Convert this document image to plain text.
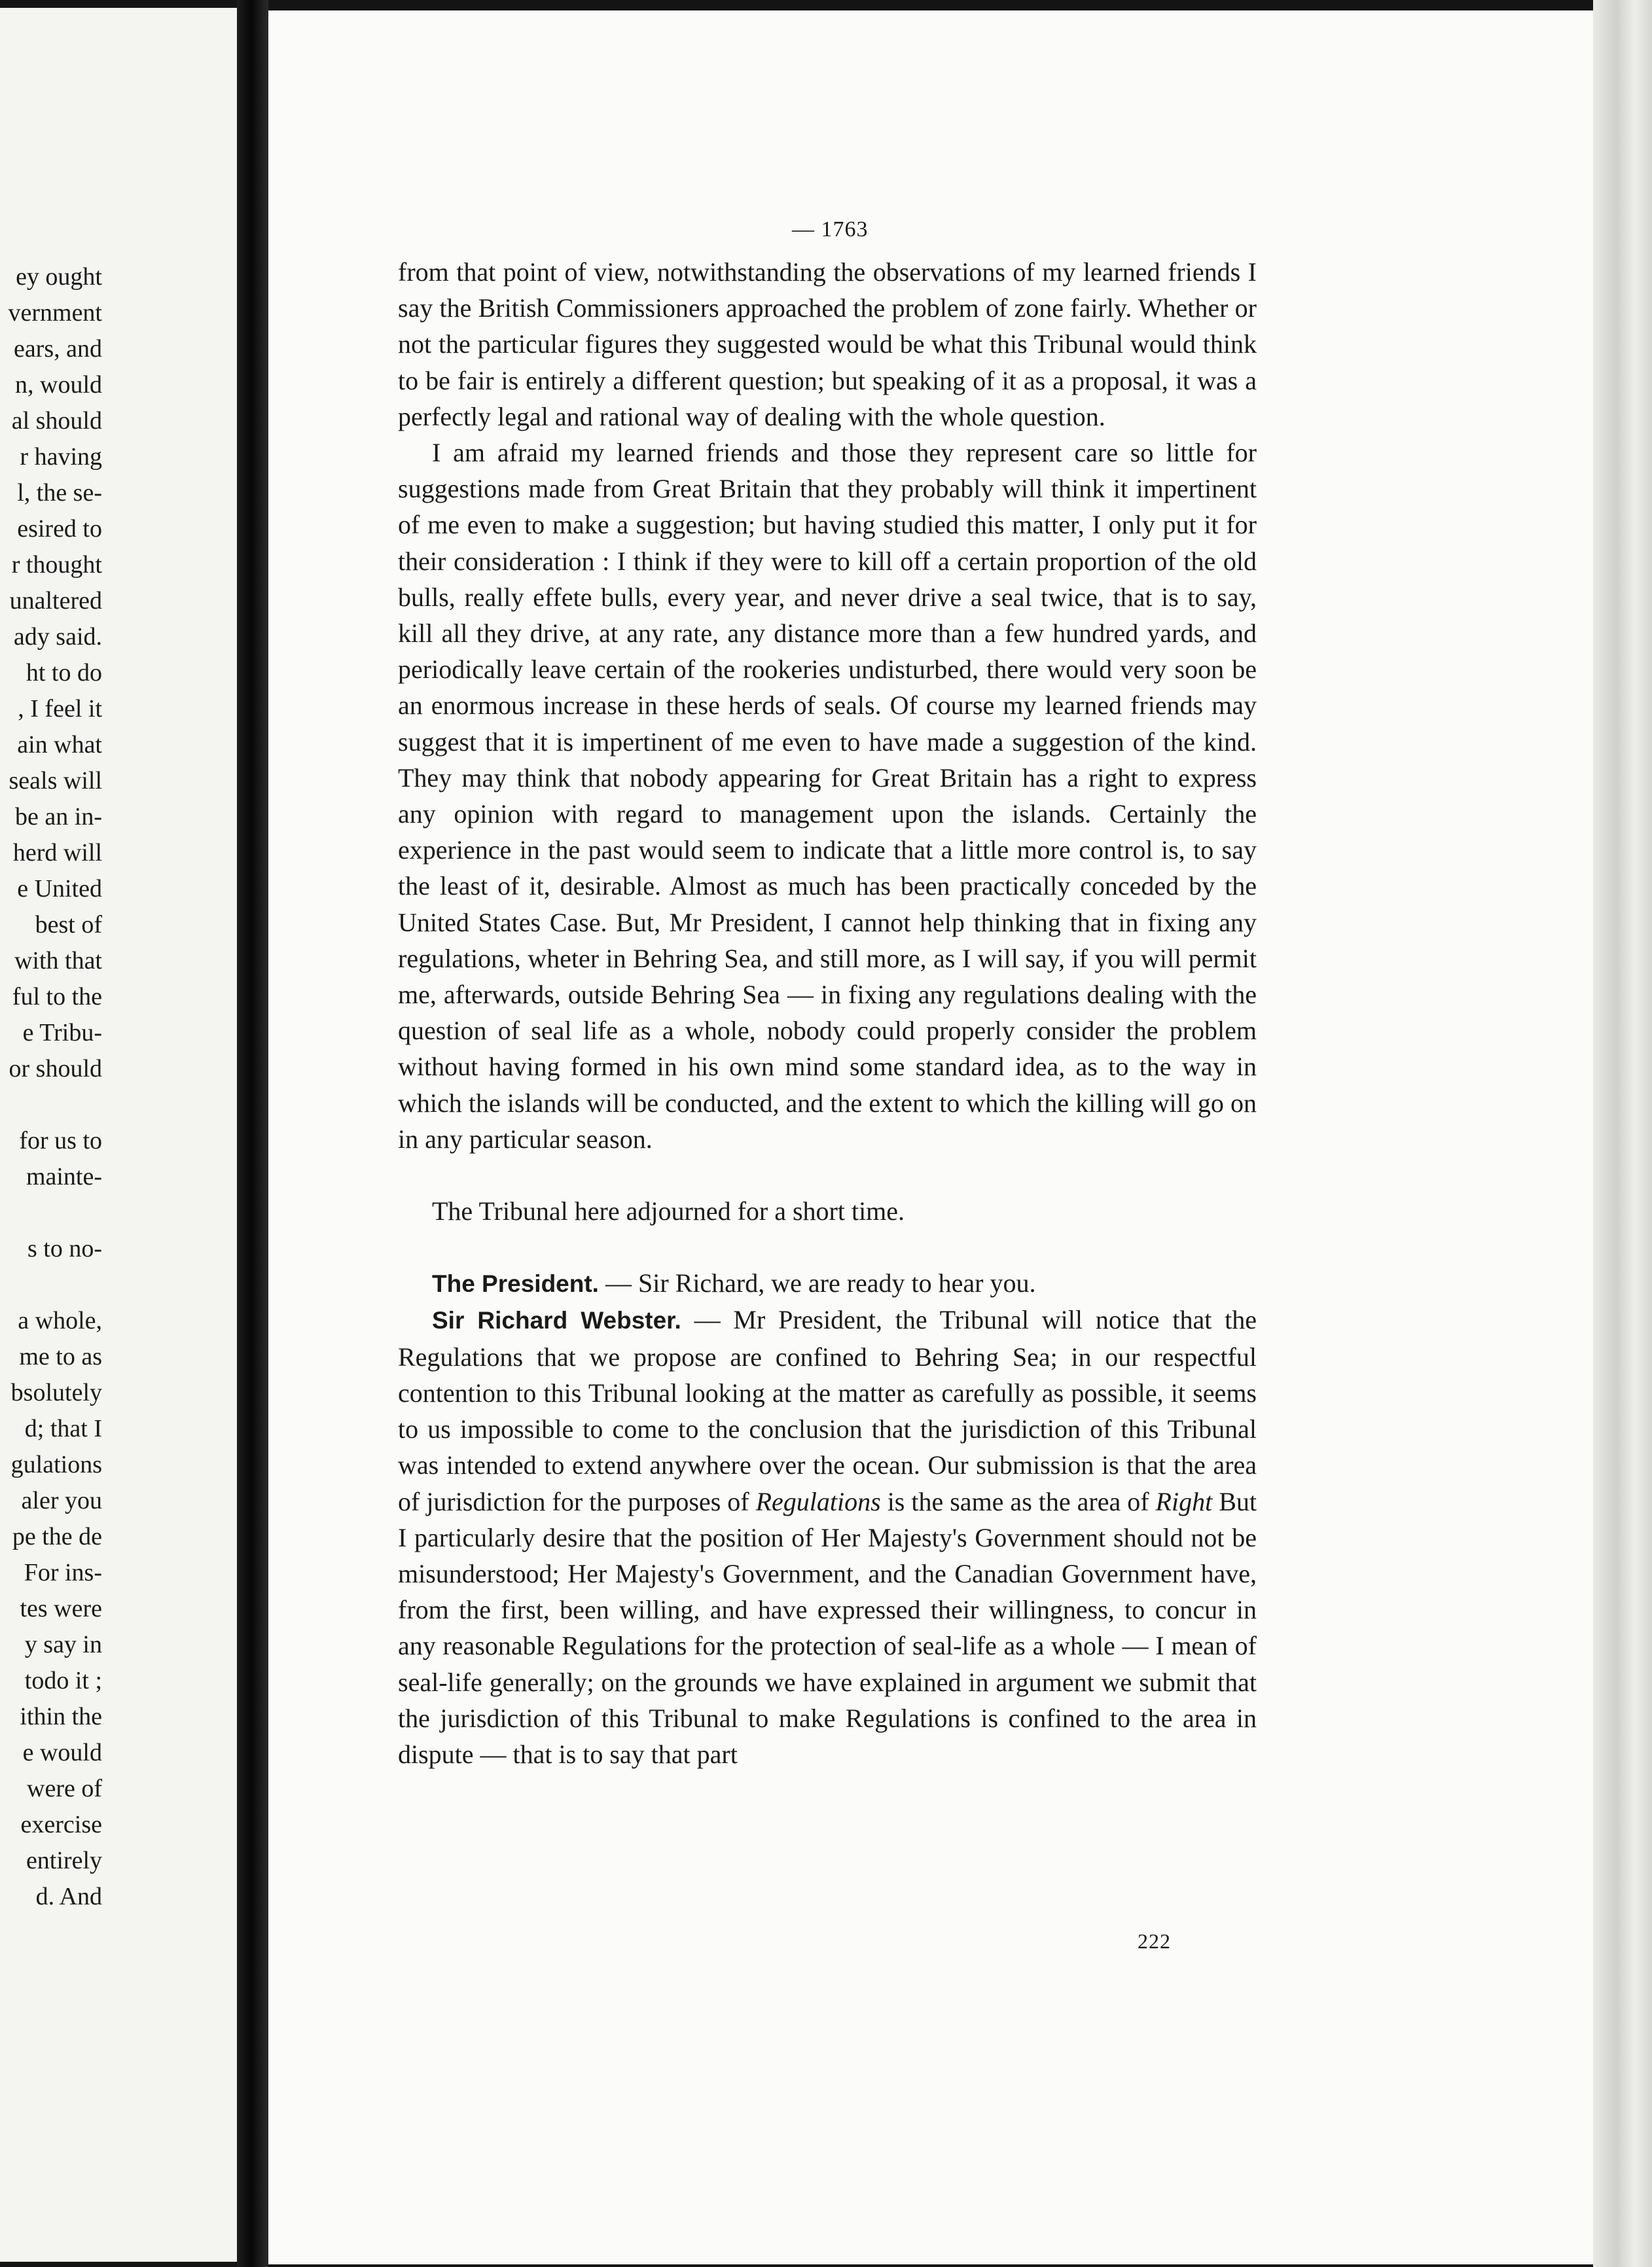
ey ought
vernment
ears, and
n, would
al should
r having
l, the se-
esired to
r thought
unaltered
ady said.
ht to do
, I feel it
ain what
seals will
be an in-
herd will
e United
best of
with that
ful to the
e Tribu-
or should
for us to
mainte-
s to no-
a whole,
me to as
bsolutely
d; that I
gulations
aler you
pe the de
For ins-
tes were
y say in
todo it ;
ithin the
e would
were of
exercise
entirely
d. And
— 1763

from that point of view, notwithstanding the observations of my learned friends I say the British Commissioners approached the problem of zone fairly. Whether or not the particular figures they suggested would be what this Tribunal would think to be fair is entirely a different question; but speaking of it as a proposal, it was a perfectly legal and rational way of dealing with the whole question.

I am afraid my learned friends and those they represent care so little for suggestions made from Great Britain that they probably will think it impertinent of me even to make a suggestion; but having studied this matter, I only put it for their consideration : I think if they were to kill off a certain proportion of the old bulls, really effete bulls, every year, and never drive a seal twice, that is to say, kill all they drive, at any rate, any distance more than a few hundred yards, and periodically leave certain of the rookeries undisturbed, there would very soon be an enormous increase in these herds of seals. Of course my learned friends may suggest that it is impertinent of me even to have made a suggestion of the kind. They may think that nobody appearing for Great Britain has a right to express any opinion with regard to management upon the islands. Certainly the experience in the past would seem to indicate that a little more control is, to say the least of it, desirable. Almost as much has been practically conceded by the United States Case. But, Mr President, I cannot help thinking that in fixing any regulations, wheter in Behring Sea, and still more, as I will say, if you will permit me, afterwards, outside Behring Sea — in fixing any regulations dealing with the question of seal life as a whole, nobody could properly consider the problem without having formed in his own mind some standard idea, as to the way in which the islands will be conducted, and the extent to which the killing will go on in any particular season.

The Tribunal here adjourned for a short time.

The President. — Sir Richard, we are ready to hear you.

Sir Richard Webster. — Mr President, the Tribunal will notice that the Regulations that we propose are confined to Behring Sea; in our respectful contention to this Tribunal looking at the matter as carefully as possible, it seems to us impossible to come to the conclusion that the jurisdiction of this Tribunal was intended to extend anywhere over the ocean. Our submission is that the area of jurisdiction for the purposes of Regulations is the same as the area of Right But I particularly desire that the position of Her Majesty's Government should not be misunderstood; Her Majesty's Government, and the Canadian Government have, from the first, been willing, and have expressed their willingness, to concur in any reasonable Regulations for the protection of seal-life as a whole — I mean of seal-life generally; on the grounds we have explained in argument we submit that the jurisdiction of this Tribunal to make Regulations is confined to the area in dispute — that is to say that part

222
